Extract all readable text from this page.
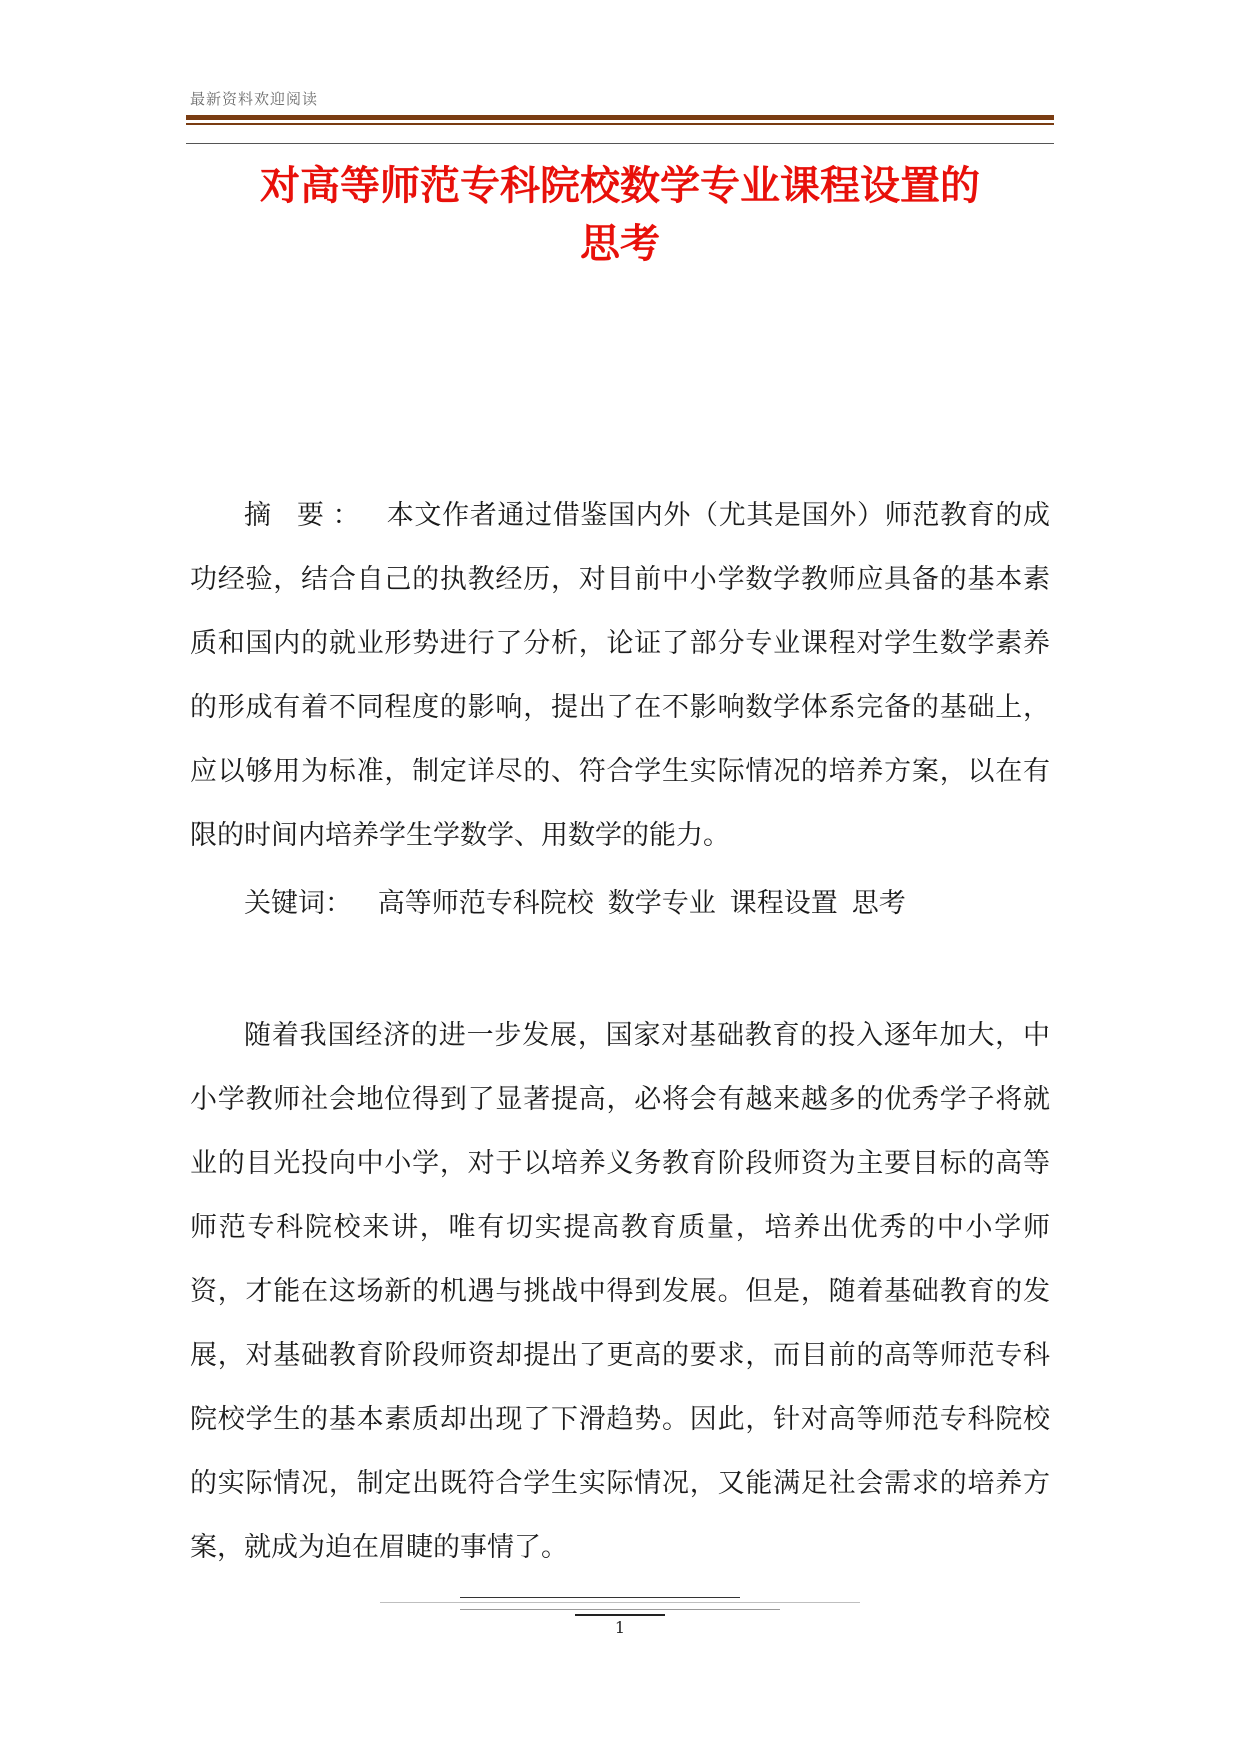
最新资料欢迎阅读
对高等师范专科院校数学专业课程设置的
思考

摘 要： 本文作者通过借鉴国内外（尤其是国外）师范教育的成功经验，结合自己的执教经历，对目前中小学数学教师应具备的基本素质和国内的就业形势进行了分析，论证了部分专业课程对学生数学素养的形成有着不同程度的影响，提出了在不影响数学体系完备的基础上，应以够用为标准，制定详尽的、符合学生实际情况的培养方案，以在有限的时间内培养学生学数学、用数学的能力。

关键词： 高等师范专科院校 数学专业 课程设置 思考

随着我国经济的进一步发展，国家对基础教育的投入逐年加大，中小学教师社会地位得到了显著提高，必将会有越来越多的优秀学子将就业的目光投向中小学，对于以培养义务教育阶段师资为主要目标的高等师范专科院校来讲，唯有切实提高教育质量，培养出优秀的中小学师资，才能在这场新的机遇与挑战中得到发展。但是，随着基础教育的发展，对基础教育阶段师资却提出了更高的要求，而目前的高等师范专科院校学生的基本素质却出现了下滑趋势。因此，针对高等师范专科院校的实际情况，制定出既符合学生实际情况，又能满足社会需求的培养方案，就成为迫在眉睫的事情了。

1
